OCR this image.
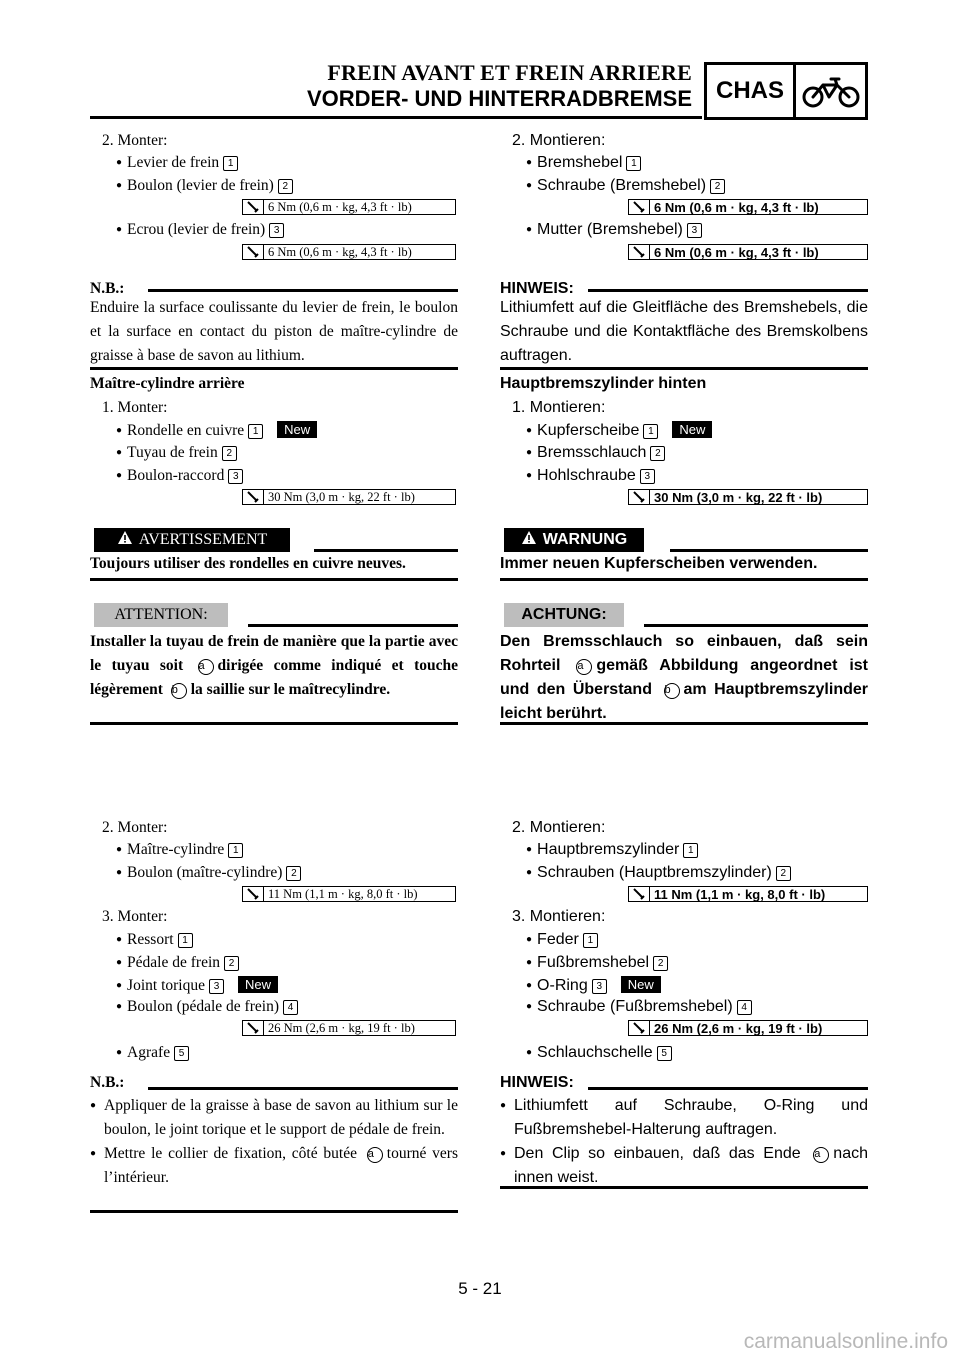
FREIN AVANT ET FREIN ARRIERE
VORDER- UND HINTERRADBREMSE CHAS
2. Monter:
● Levier de frein 1
● Boulon (levier de frein) 2
6 Nm (0,6 m · kg, 4,3 ft · lb)
● Ecrou (levier de frein) 3
6 Nm (0,6 m · kg, 4,3 ft · lb)
N.B.:
Enduire la surface coulissante du levier de frein, le boulon et la surface en contact du piston de maître-cylindre de graisse à base de savon au lithium.
Maître-cylindre arrière
1. Monter:
● Rondelle en cuivre 1 New
● Tuyau de frein 2
● Boulon-raccord 3
30 Nm (3,0 m · kg, 22 ft · lb)
AVERTISSEMENT
Toujours utiliser des rondelles en cuivre neuves.
ATTENTION:
Installer la tuyau de frein de manière que la partie avec le tuyau soit a dirigée comme indiqué et touche légèrement b la saillie sur le maîtrecylindre.
2. Monter:
● Maître-cylindre 1
● Boulon (maître-cylindre) 2
11 Nm (1,1 m · kg, 8,0 ft · lb)
3. Monter:
● Ressort 1
● Pédale de frein 2
● Joint torique 3 New
● Boulon (pédale de frein) 4
26 Nm (2,6 m · kg, 19 ft · lb)
● Agrafe 5
N.B.:
● Appliquer de la graisse à base de savon au lithium sur le boulon, le joint torique et le support de pédale de frein.
● Mettre le collier de fixation, côté butée a tourné vers l’intérieur.
2. Montieren:
● Bremshebel 1
● Schraube (Bremshebel) 2
6 Nm (0,6 m · kg, 4,3 ft · lb)
● Mutter (Bremshebel) 3
6 Nm (0,6 m · kg, 4,3 ft · lb)
HINWEIS:
Lithiumfett auf die Gleitfläche des Bremshebels, die Schraube und die Kontaktfläche des Bremskolbens auftragen.
Hauptbremszylinder hinten
1. Montieren:
● Kupferscheibe 1 New
● Bremsschlauch 2
● Hohlschraube 3
30 Nm (3,0 m · kg, 22 ft · lb)
WARNUNG
Immer neuen Kupferscheiben verwenden.
ACHTUNG:
Den Bremsschlauch so einbauen, daß sein Rohrteil a gemäß Abbildung angeordnet ist und den Überstand b am Hauptbremszylinder leicht berührt.
2. Montieren:
● Hauptbremszylinder 1
● Schrauben (Hauptbremszylinder) 2
11 Nm (1,1 m · kg, 8,0 ft · lb)
3. Montieren:
● Feder 1
● Fußbremshebel 2
● O-Ring 3 New
● Schraube (Fußbremshebel) 4
26 Nm (2,6 m · kg, 19 ft · lb)
● Schlauchschelle 5
HINWEIS:
● Lithiumfett auf Schraube, O-Ring und Fußbremshebel-Halterung auftragen.
● Den Clip so einbauen, daß das Ende a nach innen weist.
5 - 21
carmanualsonline.info
